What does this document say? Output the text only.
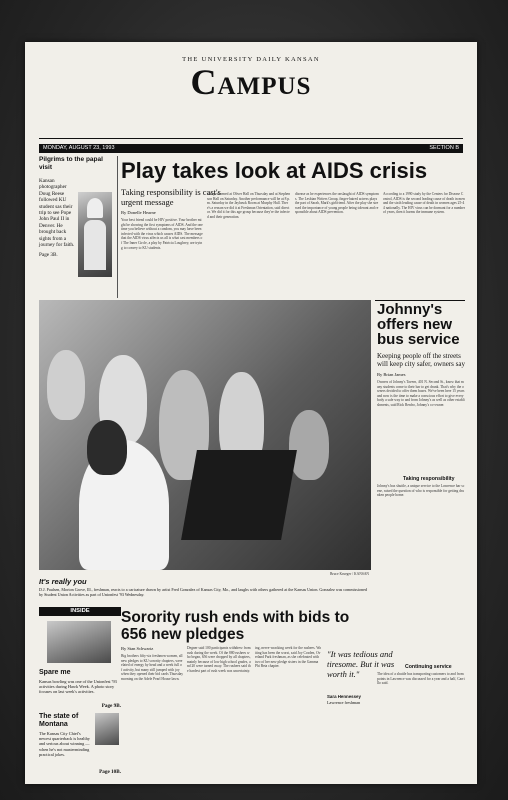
THE UNIVERSITY DAILY KANSAN
Campus
MONDAY, AUGUST 23, 1993	SECTION B
Pilgrims to the papal visit
Kansan photographer Doug Reese followed KU student sas their trip to see Pope John Paul II in Denver. He brought back sights from a journey for faith.
Page 3B.
Play takes look at AIDS crisis
Taking responsibility is cast's urgent message
By Donelle Hearne
Your best friend could be HIV positive. Your brother might be showing the first symptoms of AIDS. And the one time you believe without a condom, you may have been infected with the virus which causes AIDS. The message that the AIDS virus affects us all is what cast members of The Inner Circle, a play by Patricia Loughrey, are trying to convey to KU students.
was performed at Oliver Hall on Thursday and at Stephenson Hall on Saturday. Another performance will be at 8 p.m. Saturday in the Jayhawk Room at Murphy Hall. There's a reason we did it at Freshman Orientation, said director. We did it for this age group because they're the infected and their generation.
disease as he experiences the onslaught of AIDS symptoms. The Lesbian Writers Group, finger-haired actress plays the part of Sarah, Mark's girlfriend. After the play she stressed the importance of young people being tolerant and responsible about AIDS prevention.
According to a 1990 study by the Centers for Disease Control, AIDS is the second leading cause of death in men and the sixth leading cause of death in women ages 25-44 nationally. The HIV virus can be dormant for a number of years, then it harms the immune system.
Bruce Krueger / KANSAN
It's really you
D.J. Paulsen, Morton Grove, Ill., freshman, reacts to a caricature drawn by artist Fred Gonzalez of Kansas City, Mo., and laughs with others gathered at the Kansas Union. Gonzalez was commissioned by Student Union Activities as part of Unionfest '93 Wednesday.
Johnny's offers new bus service
Keeping people off the streets will keep city safer, owners say
By Brian James
Owners of Johnny's Tavern, 401 N. Second St., know that many students come to their bar to get drunk. That's why the owners decided to offer them buses. We've been here 15 years and now is the time to make a conscious effort to give everybody a safe way to and from Johnny's as well as other establishments, said Rick Renfro, Johnny's co-owner.
Taking responsibility
Johnny's bus shuttle, a unique service to the Lawrence bar scene, raised the question of who is responsible for getting drunken people home.
Continuing service
The idea of a shuttle bus transporting customers to and from points in Lawrence was discussed for a year and a half, Carrillo said.
INSIDE
Spare me
Kansas bowling was one of the Unionfest '93 activities during Hawk Week. A photo story focuses on last week's activities.
Page 9B.
The state of Montana
The Kansas City Chief's newest quarterback is healthy and serious about winning — when he's not masterminding practical jokes.
Page 10B.
Sorority rush ends with bids to 656 new pledges
By Stan Schwartz
Big brothers fifty-six freshmen women, all new pledges to KU sorority chapters, were elated of energy by head and a week full of activity, but many still jumped with joy when they opened their bid cards Thursday morning on the Adele Pearl House lawn.
Degner said 100 participants withdrew from rush during the week. Of the 880 rushees who began, 656 were dropped by all chapters, mainly because of low high school grades, and 20 were turned away. The rushees said the hardest part of rush week was uncertainty.
ing, nerve-wracking week for the rushees. Waiting has been the worst, said Joy Cosden, Overland Park freshman, as she celebrated with two of her new pledge sisters in the Gamma Phi Beta chapter.
"It was tedious and tiresome. But it was worth it."
Sara Hennessey
Lawrence freshman
